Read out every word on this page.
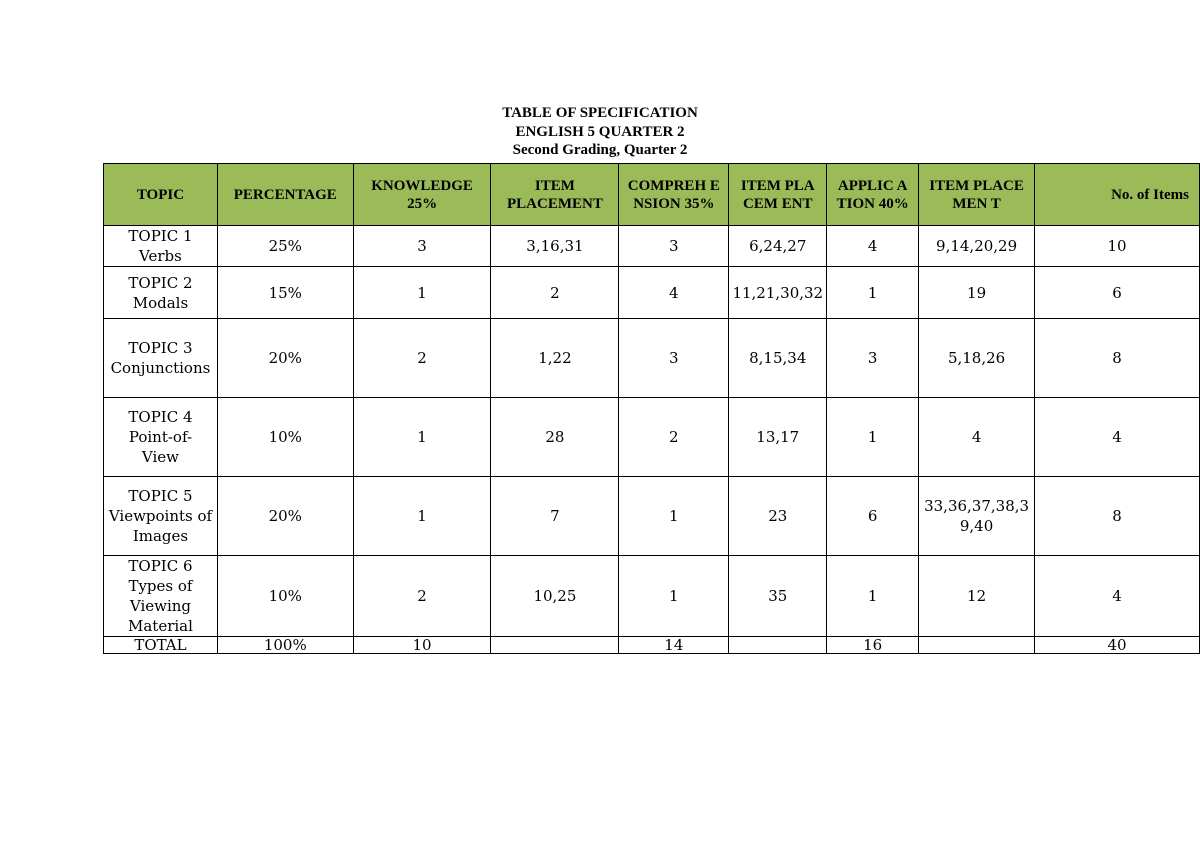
TABLE OF SPECIFICATION
ENGLISH 5 QUARTER 2
Second Grading, Quarter 2
TOPIC	PERCENTAGE	KNOWLEDGE 25%	ITEM PLACEMENT	COMPREH ENSION 35%	ITEM PLACEM ENT	APPLIC ATION 40%	ITEM PLACEMEN T	No. of Items

TOPIC 1
Verbs	25%	3	3,16,31	3	6,24,27	4	9,14,20,29	10

TOPIC 2
Modals	15%	1	2	4	11,21,30,32	1	19	6

TOPIC 3
Conjunctions	20%	2	1,22	3	8,15,34	3	5,18,26	8

TOPIC 4
Point-of-
View	10%	1	28	2	13,17	1	4	4

TOPIC 5
Viewpoints of
Images	20%	1	7	1	23	6	33,36,37,38,39,40	8

TOPIC 6
Types of
Viewing
Material	10%	2	10,25	1	35	1	12	4
TOTAL	100%	10		14		16		40
